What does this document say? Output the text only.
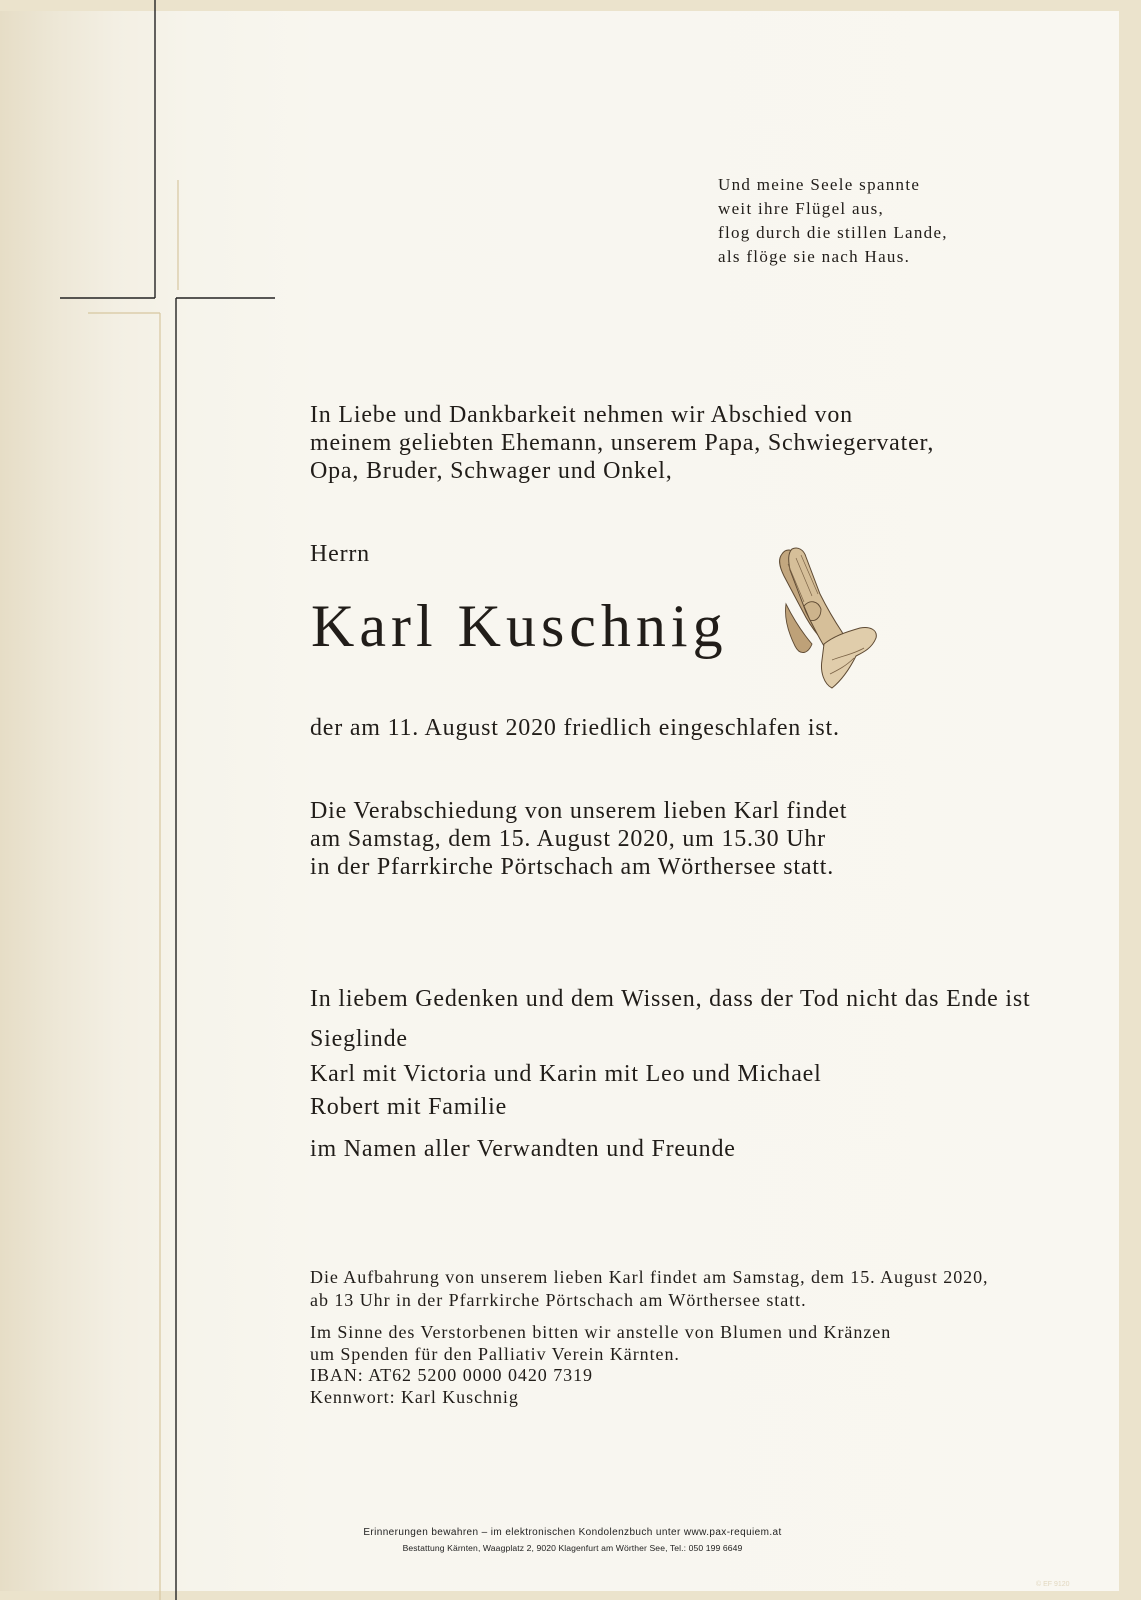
Und meine Seele spannte
weit ihre Flügel aus,
flog durch die stillen Lande,
als flöge sie nach Haus.
In Liebe und Dankbarkeit nehmen wir Abschied von
meinem geliebten Ehemann, unserem Papa, Schwiegervater,
Opa, Bruder, Schwager und Onkel,
Herrn
Karl Kuschnig
der am 11. August 2020 friedlich eingeschlafen ist.
Die Verabschiedung von unserem lieben Karl findet
am Samstag, dem 15. August 2020, um 15.30 Uhr
in der Pfarrkirche Pörtschach am Wörthersee statt.
In liebem Gedenken und dem Wissen, dass der Tod nicht das Ende ist
Sieglinde
Karl mit Victoria und Karin mit Leo und Michael
Robert mit Familie
im Namen aller Verwandten und Freunde
Die Aufbahrung von unserem lieben Karl findet am Samstag, dem 15. August 2020,
ab 13 Uhr in der Pfarrkirche Pörtschach am Wörthersee statt.
Im Sinne des Verstorbenen bitten wir anstelle von Blumen und Kränzen
um Spenden für den Palliativ Verein Kärnten.
IBAN: AT62 5200 0000 0420 7319
Kennwort: Karl Kuschnig
Erinnerungen bewahren – im elektronischen Kondolenzbuch unter www.pax-requiem.at
Bestattung Kärnten, Waagplatz 2, 9020 Klagenfurt am Wörther See, Tel.: 050 199 6649
© EF 9120
